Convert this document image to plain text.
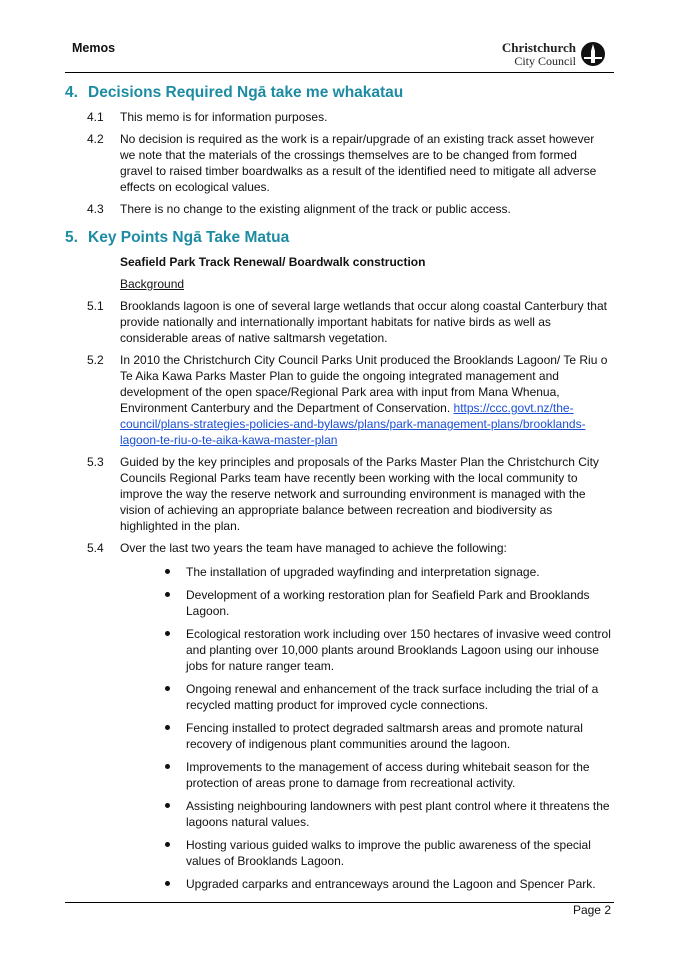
Memos	Christchurch
City Council
4. Decisions Required Ngā take me whakatau
4.1	This memo is for information purposes.
4.2	No decision is required as the work is a repair/upgrade of an existing track asset however we note that the materials of the crossings themselves are to be changed from formed gravel to raised timber boardwalks as a result of the identified need to mitigate all adverse effects on ecological values.
4.3	There is no change to the existing alignment of the track or public access.
5. Key Points Ngā Take Matua
Seafield Park Track Renewal/ Boardwalk construction
Background
5.1	Brooklands lagoon is one of several large wetlands that occur along coastal Canterbury that provide nationally and internationally important habitats for native birds as well as considerable areas of native saltmarsh vegetation.
5.2	In 2010 the Christchurch City Council Parks Unit produced the Brooklands Lagoon/ Te Riu o Te Aika Kawa Parks Master Plan to guide the ongoing integrated management and development of the open space/Regional Park area with input from Mana Whenua, Environment Canterbury and the Department of Conservation. https://ccc.govt.nz/the-council/plans-strategies-policies-and-bylaws/plans/park-management-plans/brooklands-lagoon-te-riu-o-te-aika-kawa-master-plan
5.3	Guided by the key principles and proposals of the Parks Master Plan the Christchurch City Councils Regional Parks team have recently been working with the local community to improve the way the reserve network and surrounding environment is managed with the vision of achieving an appropriate balance between recreation and biodiversity as highlighted in the plan.
5.4	Over the last two years the team have managed to achieve the following:
The installation of upgraded wayfinding and interpretation signage.
Development of a working restoration plan for Seafield Park and Brooklands Lagoon.
Ecological restoration work including over 150 hectares of invasive weed control and planting over 10,000 plants around Brooklands Lagoon using our inhouse jobs for nature ranger team.
Ongoing renewal and enhancement of the track surface including the trial of a recycled matting product for improved cycle connections.
Fencing installed to protect degraded saltmarsh areas and promote natural recovery of indigenous plant communities around the lagoon.
Improvements to the management of access during whitebait season for the protection of areas prone to damage from recreational activity.
Assisting neighbouring landowners with pest plant control where it threatens the lagoons natural values.
Hosting various guided walks to improve the public awareness of the special values of Brooklands Lagoon.
Upgraded carparks and entranceways around the Lagoon and Spencer Park.
Page 2
